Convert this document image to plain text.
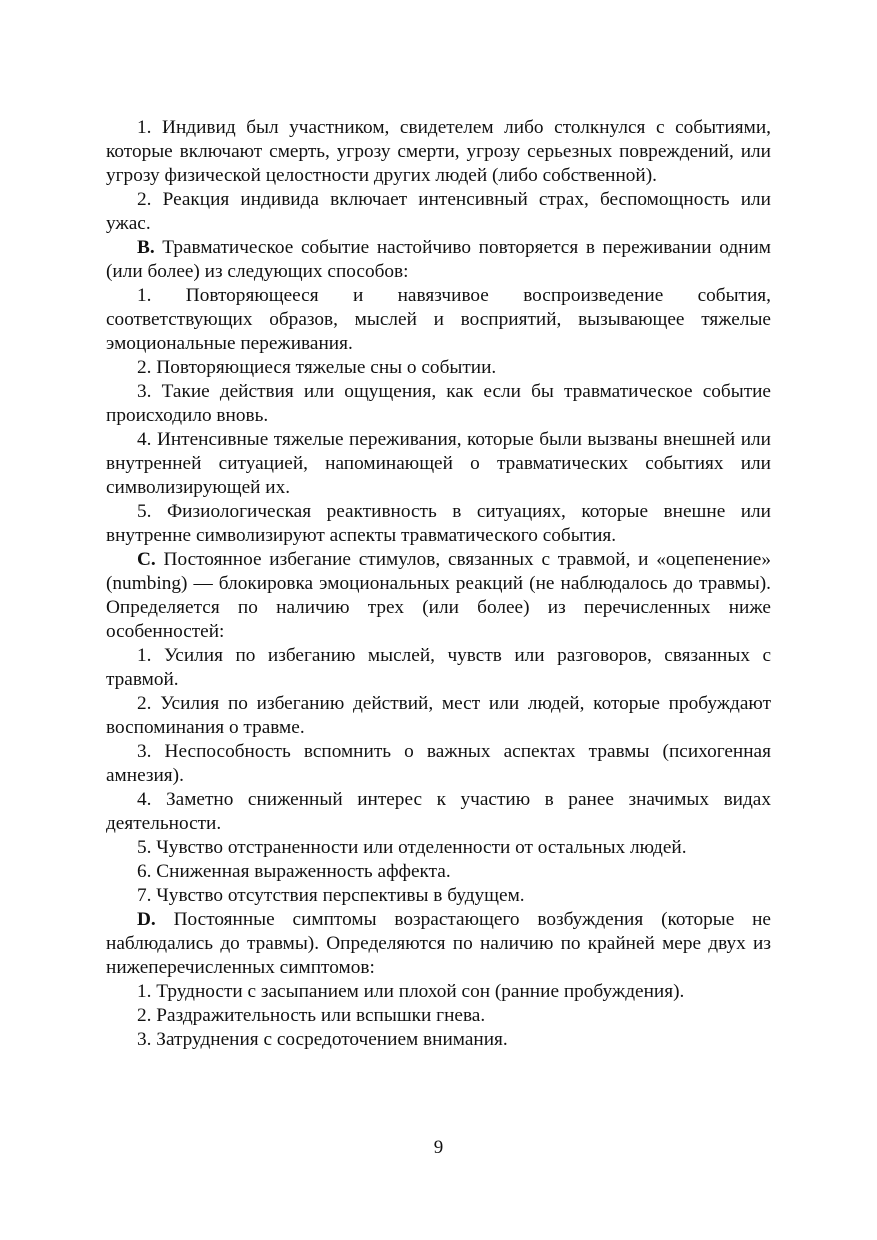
1. Индивид был участником, свидетелем либо столкнулся с событиями, которые включают смерть, угрозу смерти, угрозу серьезных повреждений, или угрозу физической целостности других людей (либо собственной).

2. Реакция индивида включает интенсивный страх, беспомощность или ужас.

B. Травматическое событие настойчиво повторяется в переживании одним (или более) из следующих способов:

1. Повторяющееся и навязчивое воспроизведение события, соответствующих образов, мыслей и восприятий, вызывающее тяжелые эмоциональные переживания.

2. Повторяющиеся тяжелые сны о событии.

3. Такие действия или ощущения, как если бы травматическое событие происходило вновь.

4. Интенсивные тяжелые переживания, которые были вызваны внешней или внутренней ситуацией, напоминающей о травматических событиях или символизирующей их.

5. Физиологическая реактивность в ситуациях, которые внешне или внутренне символизируют аспекты травматического события.

C. Постоянное избегание стимулов, связанных с травмой, и «оцепенение» (numbing) — блокировка эмоциональных реакций (не наблюдалось до травмы). Определяется по наличию трех (или более) из перечисленных ниже особенностей:

1. Усилия по избеганию мыслей, чувств или разговоров, связанных с травмой.

2. Усилия по избеганию действий, мест или людей, которые пробуждают воспоминания о травме.

3. Неспособность вспомнить о важных аспектах травмы (психогенная амнезия).

4. Заметно сниженный интерес к участию в ранее значимых видах деятельности.

5. Чувство отстраненности или отделенности от остальных людей.

6. Сниженная выраженность аффекта.

7. Чувство отсутствия перспективы в будущем.

D. Постоянные симптомы возрастающего возбуждения (которые не наблюдались до травмы). Определяются по наличию по крайней мере двух из нижеперечисленных симптомов:

1. Трудности с засыпанием или плохой сон (ранние пробуждения).

2. Раздражительность или вспышки гнева.

3. Затруднения с сосредоточением внимания.

9
